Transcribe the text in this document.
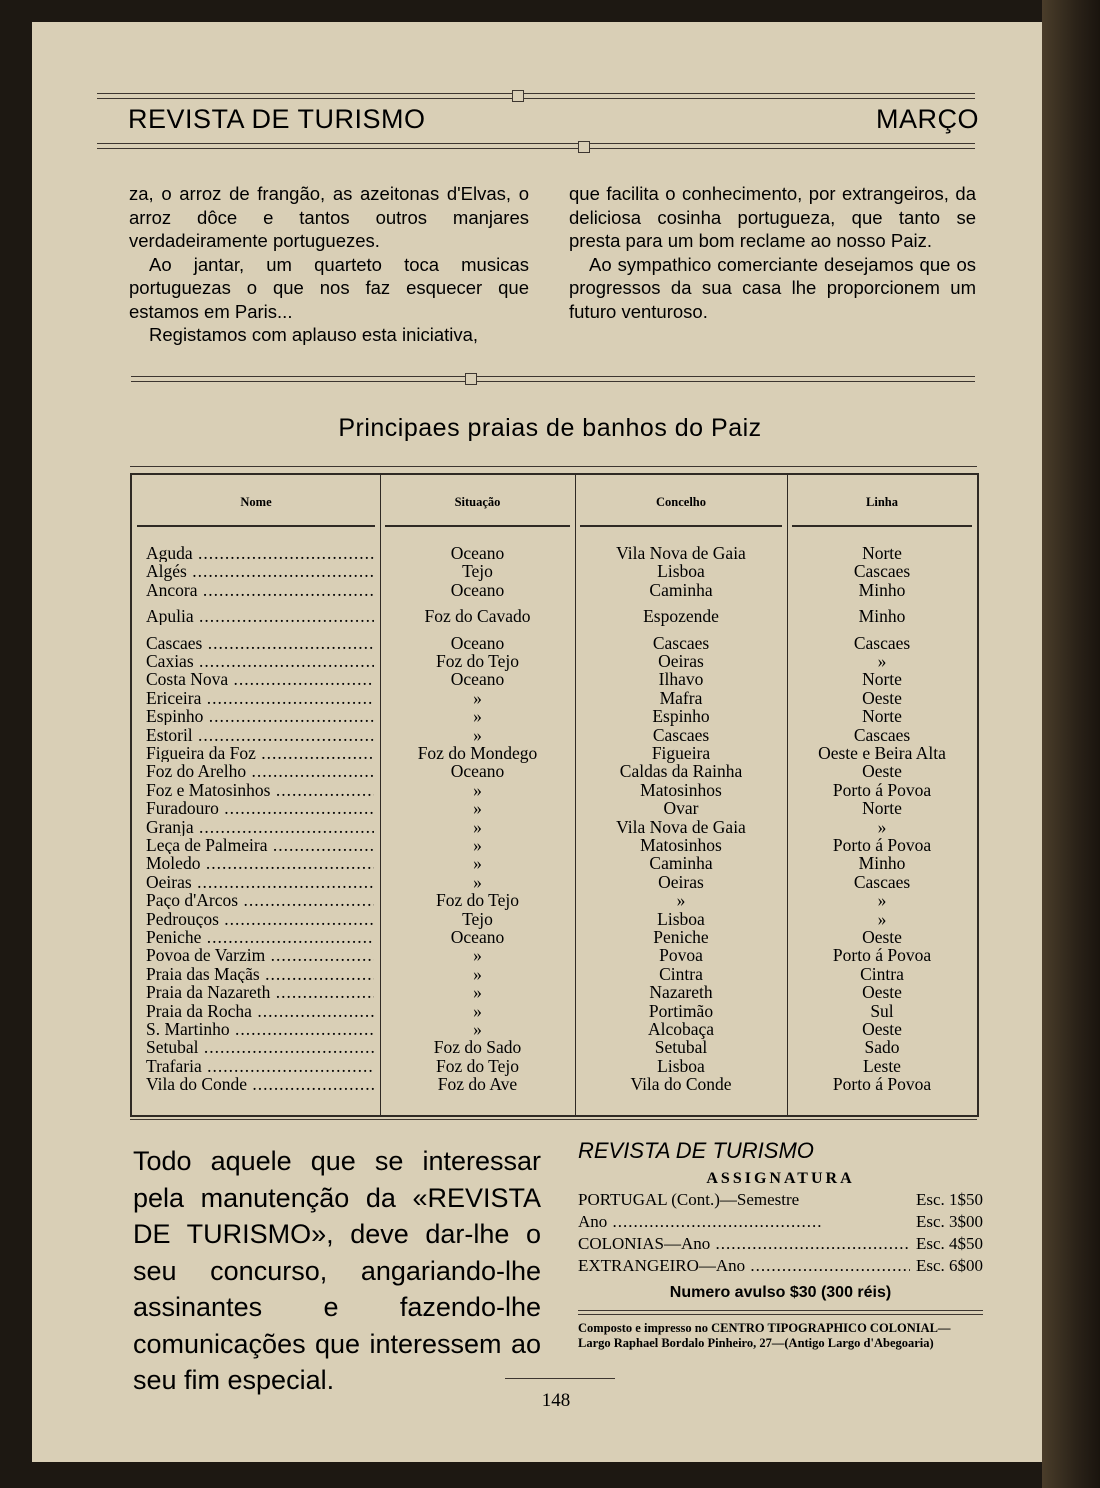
REVISTA DE TURISMO	MARÇO

za, o arroz de frangão, as azeitonas d'Elvas, o arroz dôce e tantos outros manjares verdadeiramente portuguezes.

Ao jantar, um quarteto toca musicas portuguezas o que nos faz esquecer que estamos em Paris...

Registamos com aplauso esta iniciativa,

que facilita o conhecimento, por extrangeiros, da deliciosa cosinha portugueza, que tanto se presta para um bom reclame ao nosso Paiz.

Ao sympathico comerciante desejamos que os progressos da sua casa lhe proporcionem um futuro venturoso.

Principaes praias de banhos do Paiz
Nome	Situação	Concelho	Linha
Aguda .....	Oceano	Vila Nova de Gaia	Norte
Algés .....	Tejo	Lisboa	Cascaes
Ancora .....	Oceano	Caminha	Minho
Apulia .....	Foz do Cavado	Espozende	Minho
Cascaes .....	Oceano	Cascaes	Cascaes
Caxias .....	Foz do Tejo	Oeiras	»
Costa Nova .....	Oceano	Ilhavo	Norte
Ericeira .....	»	Mafra	Oeste
Espinho .....	»	Espinho	Norte
Estoril .....	»	Cascaes	Cascaes
Figueira da Foz .....	Foz do Mondego	Figueira	Oeste e Beira Alta
Foz do Arelho .....	Oceano	Caldas da Rainha	Oeste
Foz e Matosinhos .....	»	Matosinhos	Porto á Povoa
Furadouro .....	»	Ovar	Norte
Granja .....	»	Vila Nova de Gaia	»
Leça de Palmeira .....	»	Matosinhos	Porto á Povoa
Moledo .....	»	Caminha	Minho
Oeiras .....	»	Oeiras	Cascaes
Paço d'Arcos .....	Foz do Tejo	»	»
Pedrouços .....	Tejo	Lisboa	»
Peniche .....	Oceano	Peniche	Oeste
Povoa de Varzim .....	»	Povoa	Porto á Povoa
Praia das Maçãs .....	»	Cintra	Cintra
Praia da Nazareth .....	»	Nazareth	Oeste
Praia da Rocha .....	»	Portimão	Sul
S. Martinho .....	»	Alcobaça	Oeste
Setubal .....	Foz do Sado	Setubal	Sado
Trafaria .....	Foz do Tejo	Lisboa	Leste
Vila do Conde .....	Foz do Ave	Vila do Conde	Porto á Povoa
Todo aquele que se interessar pela manutenção da «REVISTA DE TURISMO», deve dar-lhe o seu concurso, angariando-lhe assinantes e fazendo-lhe comunicações que interessem ao seu fim especial.
REVISTA DE TURISMO
ASSIGNATURA
PORTUGAL (Cont.)—Semestre .....	Esc. 1$50
Ano .....	Esc. 3$00
COLONIAS—Ano .....	Esc. 4$50
EXTRANGEIRO—Ano .....	Esc. 6$00
Numero avulso $30 (300 réis)
Composto e impresso no CENTRO TIPOGRAPHICO COLONIAL—
Largo Raphael Bordalo Pinheiro, 27—(Antigo Largo d'Abegoaria)
148
